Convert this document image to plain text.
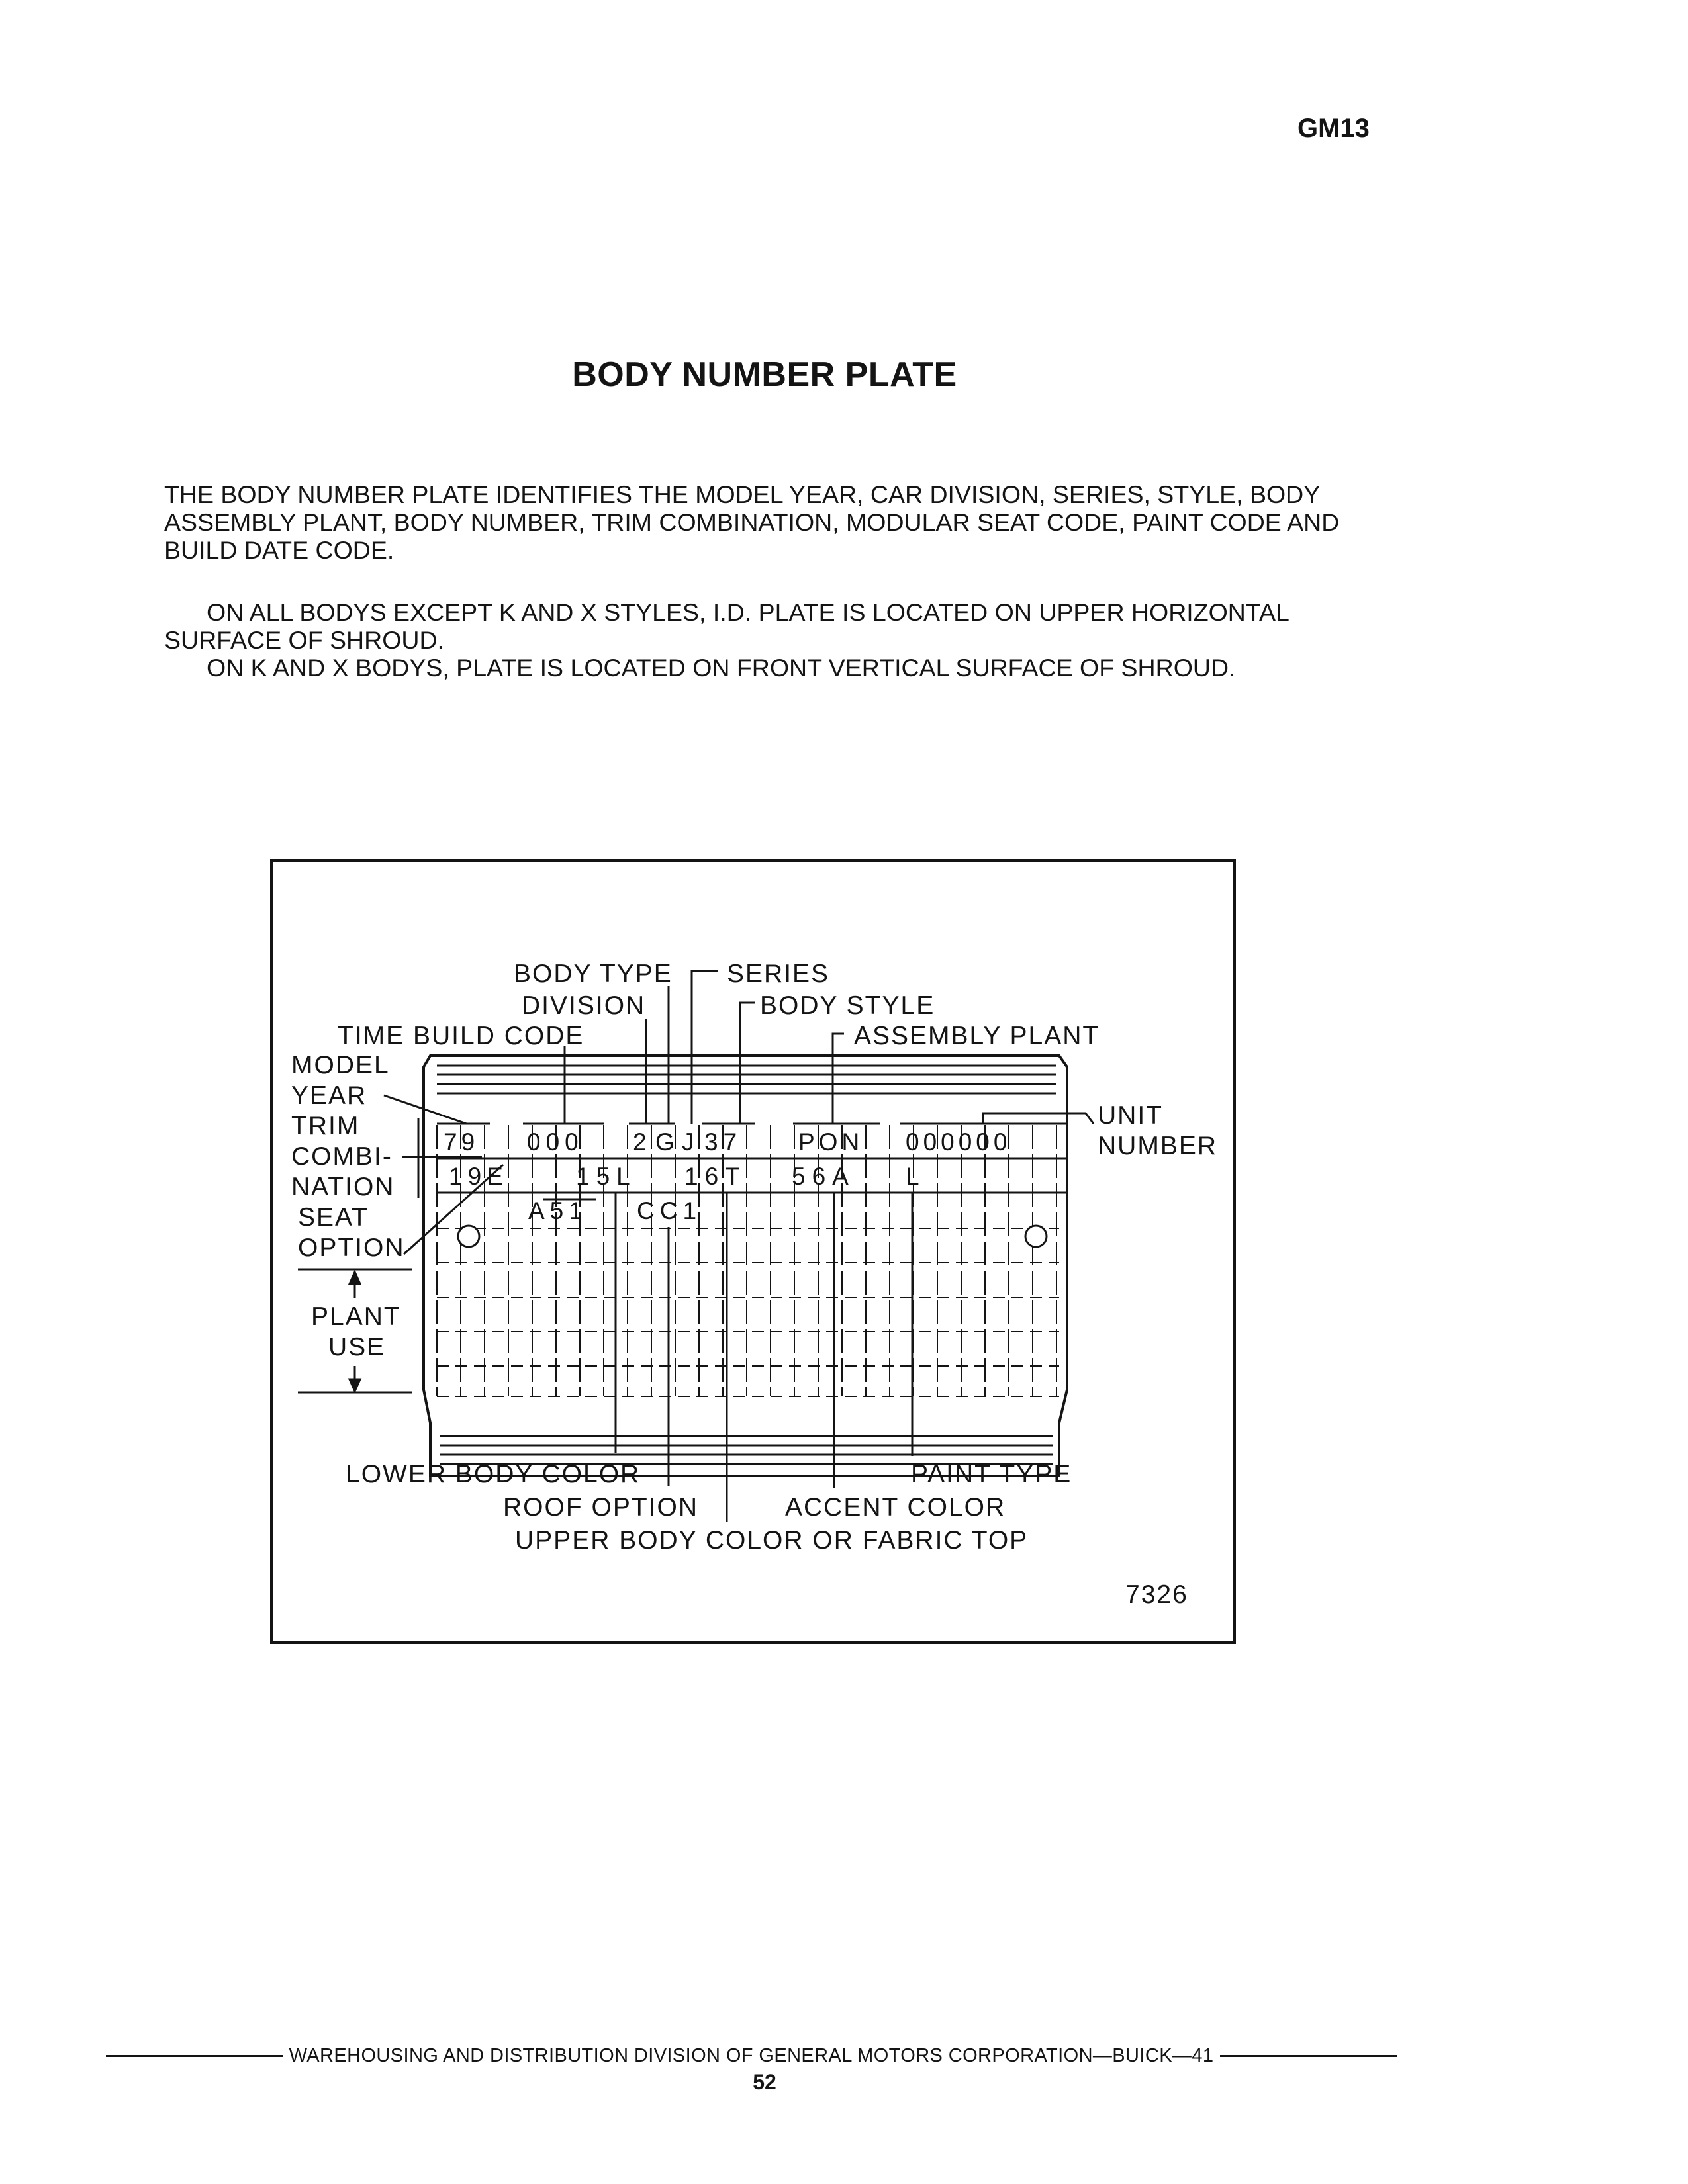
GM13
BODY NUMBER PLATE

THE BODY NUMBER PLATE IDENTIFIES THE MODEL YEAR, CAR DIVISION, SERIES, STYLE, BODY ASSEMBLY PLANT, BODY NUMBER, TRIM COMBINATION, MODULAR SEAT CODE, PAINT CODE AND BUILD DATE CODE.

ON ALL BODYS EXCEPT K AND X STYLES, I.D. PLATE IS LOCATED ON UPPER HORIZONTAL SURFACE OF SHROUD.

ON K AND X BODYS, PLATE IS LOCATED ON FRONT VERTICAL SURFACE OF SHROUD.

79 000 2 G J 37 PON 000000
19E	15L 16T 56A L
A51 CC1
BODY TYPE SERIES
DIVISION	BODY STYLE
TIME BUILD CODE	ASSEMBLY PLANT
MODEL
YEAR
TRIM
COMBI-
NATION
SEAT
OPTION
PLANT
USE
UNIT
NUMBER
LOWER BODY COLOR	PAINT TYPE
ROOF OPTION	ACCENT COLOR
UPPER BODY COLOR OR FABRIC TOP
7326
WAREHOUSING AND DISTRIBUTION DIVISION OF GENERAL MOTORS CORPORATION—BUICK—41
52
